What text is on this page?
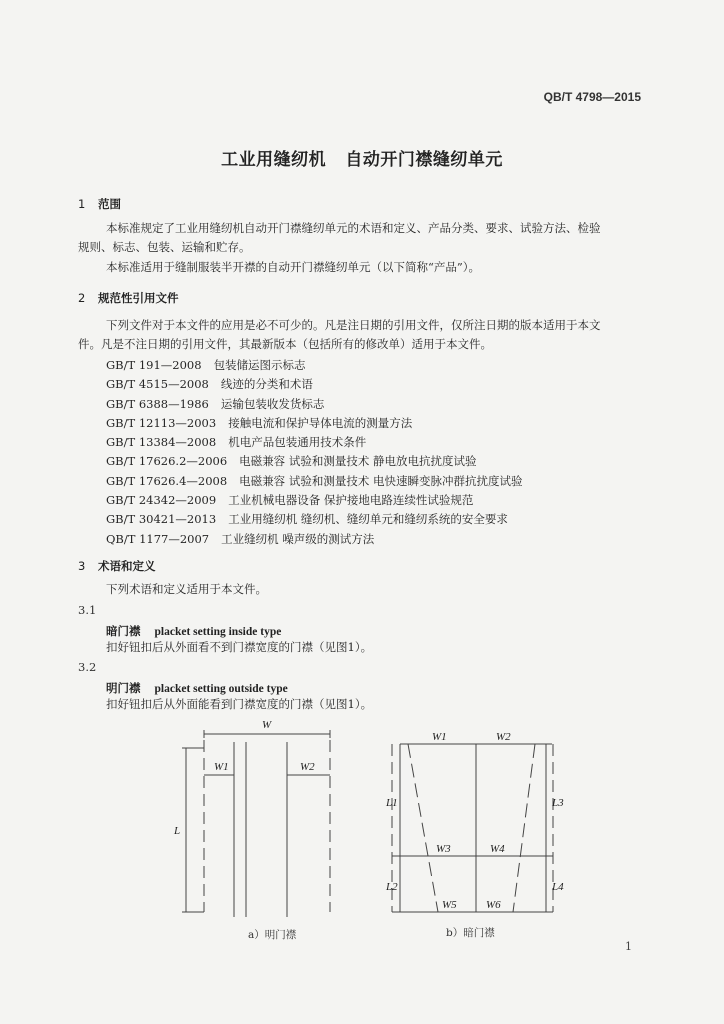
QB/T 4798—2015
工业用缝纫机   自动开门襟缝纫单元
1 范围
本标准规定了工业用缝纫机自动开门襟缝纫单元的术语和定义、产品分类、要求、试验方法、检验
规则、标志、包装、运输和贮存。
本标准适用于缝制服装半开襟的自动开门襟缝纫单元（以下简称“产品”）。
2 规范性引用文件
下列文件对于本文件的应用是必不可少的。凡是注日期的引用文件，仅所注日期的版本适用于本文
件。凡是不注日期的引用文件，其最新版本（包括所有的修改单）适用于本文件。
GB/T 191—2008 包装储运图示标志
GB/T 4515—2008 线迹的分类和术语
GB/T 6388—1986 运输包装收发货标志
GB/T 12113—2003 接触电流和保护导体电流的测量方法
GB/T 13384—2008 机电产品包装通用技术条件
GB/T 17626.2—2006 电磁兼容 试验和测量技术 静电放电抗扰度试验
GB/T 17626.4—2008 电磁兼容 试验和测量技术 电快速瞬变脉冲群抗扰度试验
GB/T 24342—2009 工业机械电器设备 保护接地电路连续性试验规范
GB/T 30421—2013 工业用缝纫机 缝纫机、缝纫单元和缝纫系统的安全要求
QB/T 1177—2007 工业缝纫机 噪声级的测试方法
3 术语和定义
下列术语和定义适用于本文件。
3.1
暗门襟 placket setting inside type
扣好钮扣后从外面看不到门襟宽度的门襟（见图1）。
3.2
明门襟 placket setting outside type
扣好钮扣后从外面能看到门襟宽度的门襟（见图1）。
W
W1	W2
L
W1	W2
W3	W4
W5	W6
L1
L2
L3
L4
a）明门襟	b）暗门襟
1
